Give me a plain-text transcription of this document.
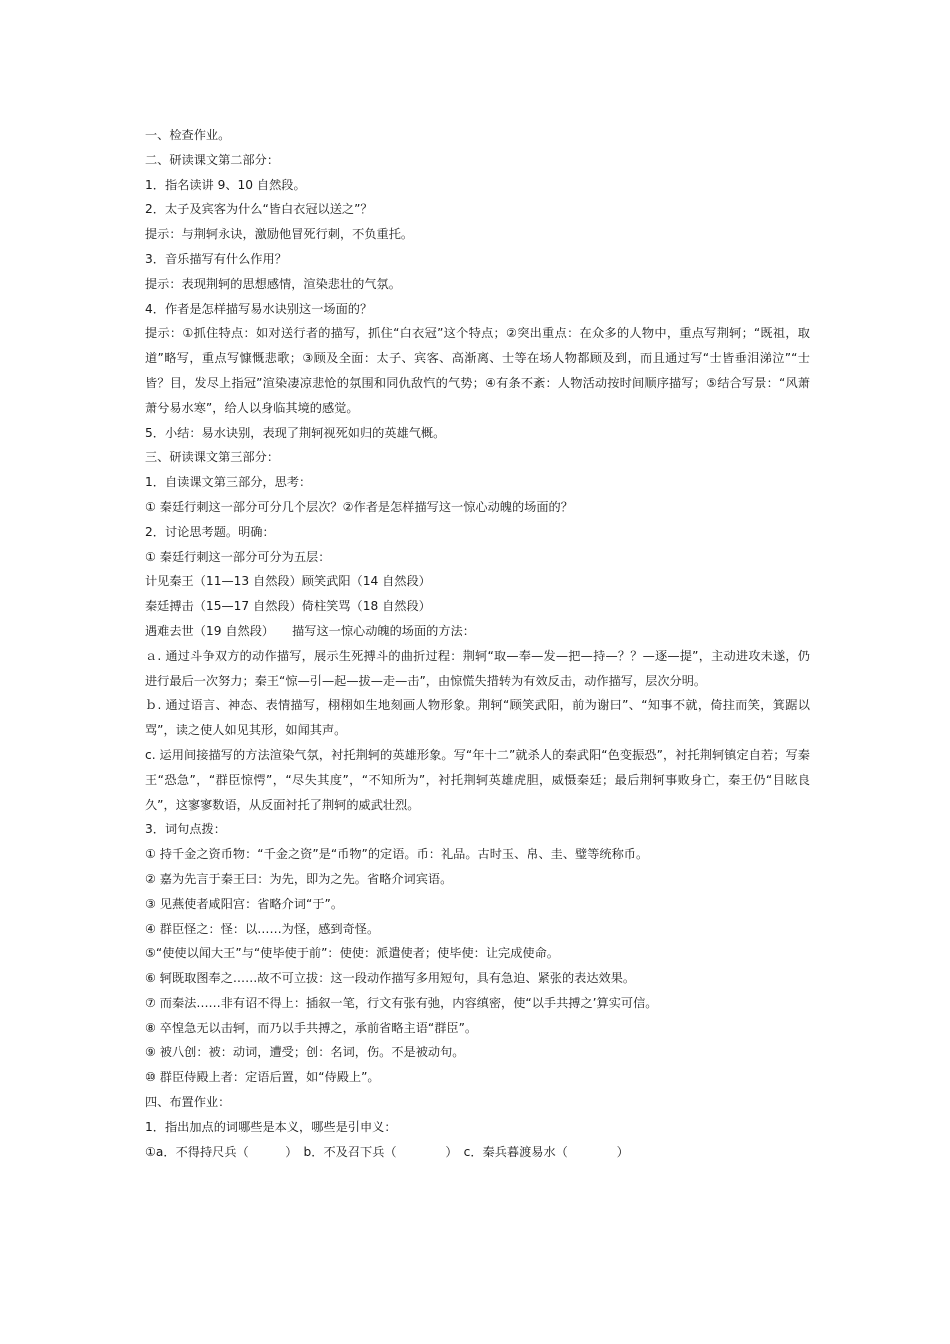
一、检查作业。

二、研读课文第二部分：

1．指名读讲 9、10 自然段。

2．太子及宾客为什么“皆白衣冠以送之”？

提示：与荆轲永诀，激励他冒死行刺，不负重托。

3．音乐描写有什么作用？

提示：表现荆轲的思想感情，渲染悲壮的气氛。

4．作者是怎样描写易水诀别这一场面的？

提示：①抓住特点：如对送行者的描写，抓住“白衣冠”这个特点；②突出重点：在众多的人物中，重点写荆轲；“既祖，取道”略写，重点写慷慨悲歌；③顾及全面：太子、宾客、高渐离、士等在场人物都顾及到，而且通过写“士皆垂泪涕泣”“士皆？目，发尽上指冠”渲染凄凉悲怆的氛围和同仇敌忾的气势；④有条不紊：人物活动按时间顺序描写；⑤结合写景：“风萧萧兮易水寒”，给人以身临其境的感觉。

5．小结：易水诀别，表现了荆轲视死如归的英雄气概。

三、研读课文第三部分：

1．自读课文第三部分，思考：

① 秦廷行刺这一部分可分几个层次？②作者是怎样描写这一惊心动魄的场面的？

2．讨论思考题。明确：

① 秦廷行刺这一部分可分为五层：

计见秦王（11—13 自然段）顾笑武阳（14 自然段）

秦廷搏击（15—17 自然段）倚柱笑骂（18 自然段）

遇难去世（19 自然段） 描写这一惊心动魄的场面的方法：

ａ. 通过斗争双方的动作描写，展示生死搏斗的曲折过程：荆轲“取—奉—发—把—持—？？—逐—提”，主动进攻未遂，仍进行最后一次努力；秦王“惊—引—起—拔—走—击”，由惊慌失措转为有效反击，动作描写，层次分明。

ｂ. 通过语言、神态、表情描写，栩栩如生地刻画人物形象。荆轲“顾笑武阳，前为谢曰”、“知事不就，倚拄而笑，箕踞以骂”，读之使人如见其形，如闻其声。

c. 运用间接描写的方法渲染气氛，衬托荆轲的英雄形象。写“年十二”就杀人的秦武阳“色变振恐”，衬托荆轲镇定自若；写秦王“恐急”，“群臣惊愕”，“尽失其度”，“不知所为”，衬托荆轲英雄虎胆，威慑秦廷；最后荆轲事败身亡，秦王仍“目眩良久”，这寥寥数语，从反面衬托了荆轲的威武壮烈。

3．词句点拨：

① 持千金之资币物：“千金之资”是“币物”的定语。币：礼品。古时玉、帛、圭、璧等统称币。

② 嘉为先言于秦王曰：为先，即为之先。省略介词宾语。

③ 见燕使者咸阳宫：省略介词“于”。

④ 群臣怪之：怪：以……为怪，感到奇怪。

⑤“使使以闻大王”与“使毕使于前”：使使：派遣使者；使毕使：让完成使命。

⑥ 轲既取图奉之……故不可立拔：这一段动作描写多用短句，具有急迫、紧张的表达效果。

⑦ 而秦法……非有诏不得上：插叙一笔，行文有张有弛，内容缜密，使“以手共搏之’算实可信。

⑧ 卒惶急无以击轲，而乃以手共搏之，承前省略主语“群臣”。

⑨ 被八创：被：动词，遭受；创：名词，伤。不是被动句。

⑩ 群臣侍殿上者：定语后置，如“侍殿上”。

四、布置作业：

1．指出加点的词哪些是本义，哪些是引申义：

①a．不得持尺兵（　　　）　b．不及召下兵（　　　　）　c．秦兵暮渡易水（　　　　）
